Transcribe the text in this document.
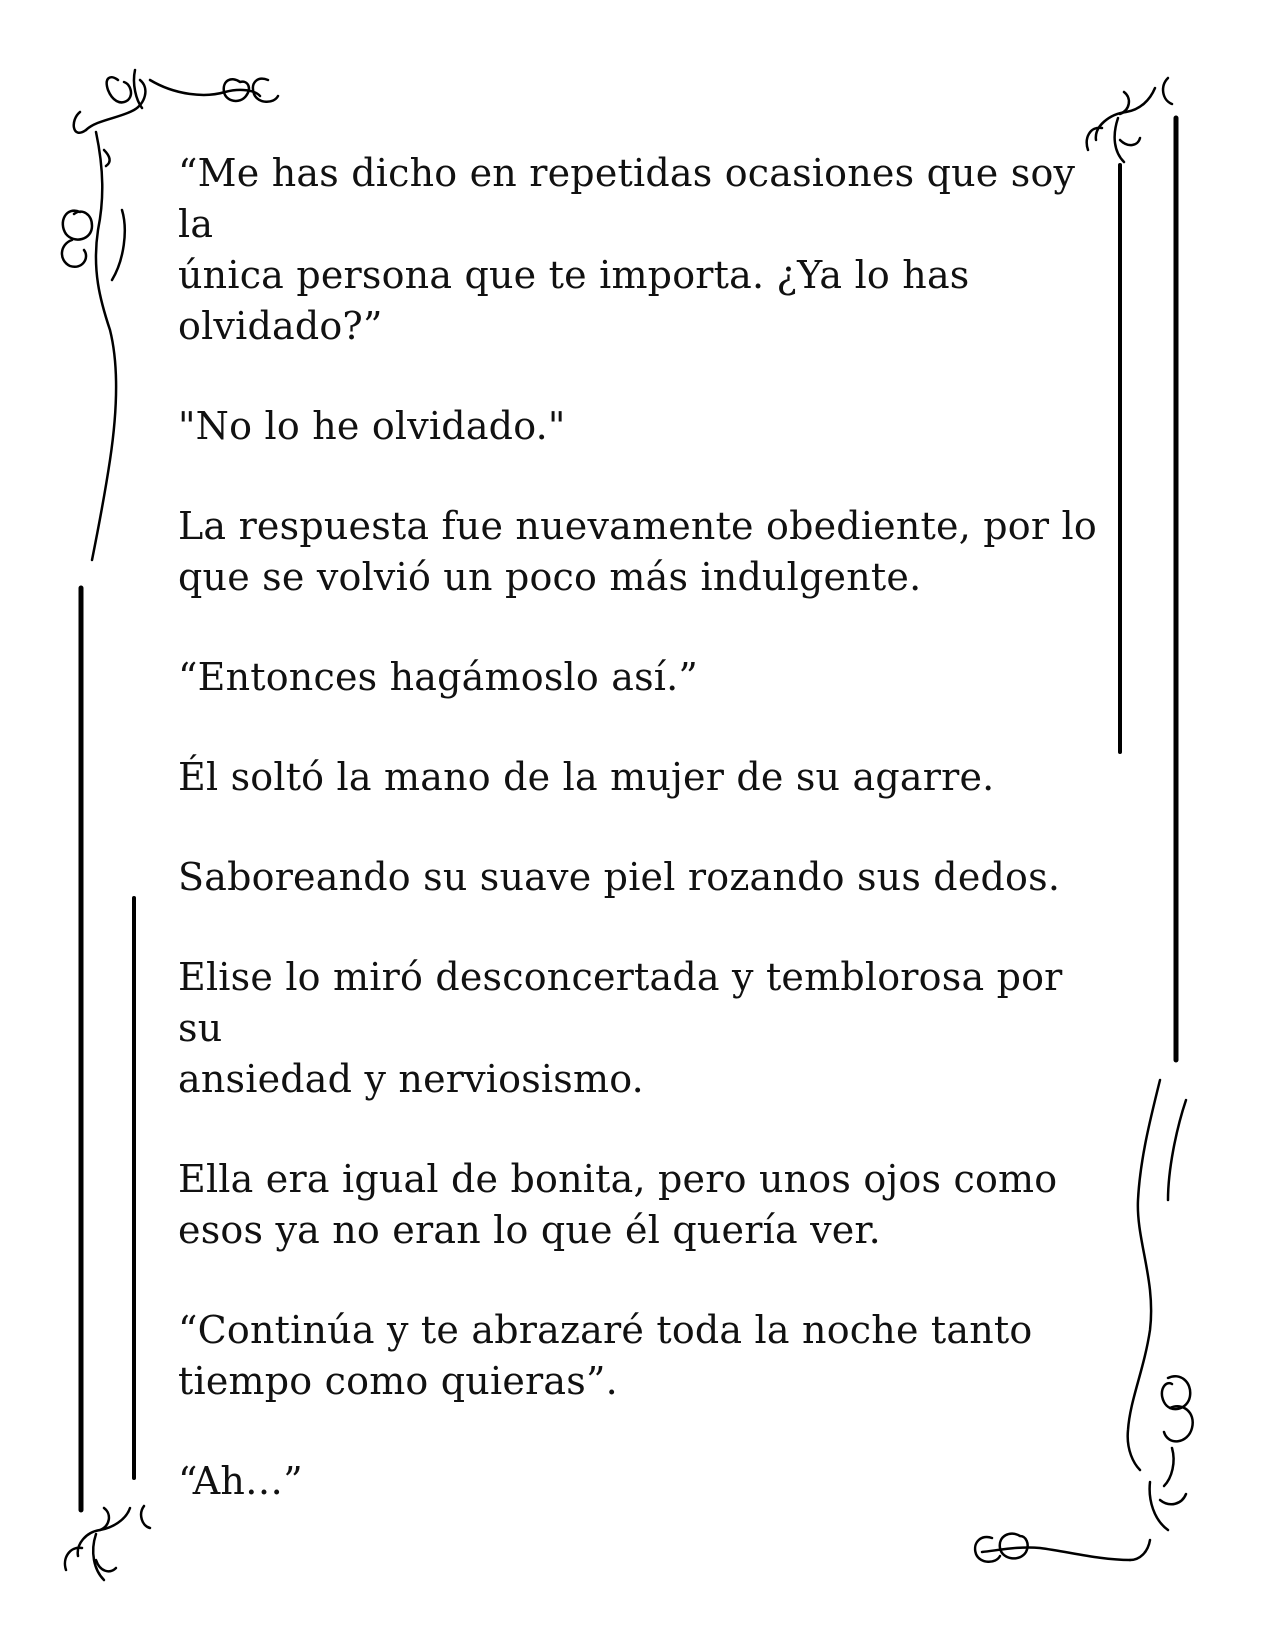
“Me has dicho en repetidas ocasiones que soy la
única persona que te importa. ¿Ya lo has
olvidado?”

"No lo he olvidado."

La respuesta fue nuevamente obediente, por lo
que se volvió un poco más indulgente.

“Entonces hagámoslo así.”

Él soltó la mano de la mujer de su agarre.

Saboreando su suave piel rozando sus dedos.

Elise lo miró desconcertada y temblorosa por su
ansiedad y nerviosismo.

Ella era igual de bonita, pero unos ojos como
esos ya no eran lo que él quería ver.

“Continúa y te abrazaré toda la noche tanto
tiempo como quieras”.

“Ah…”
